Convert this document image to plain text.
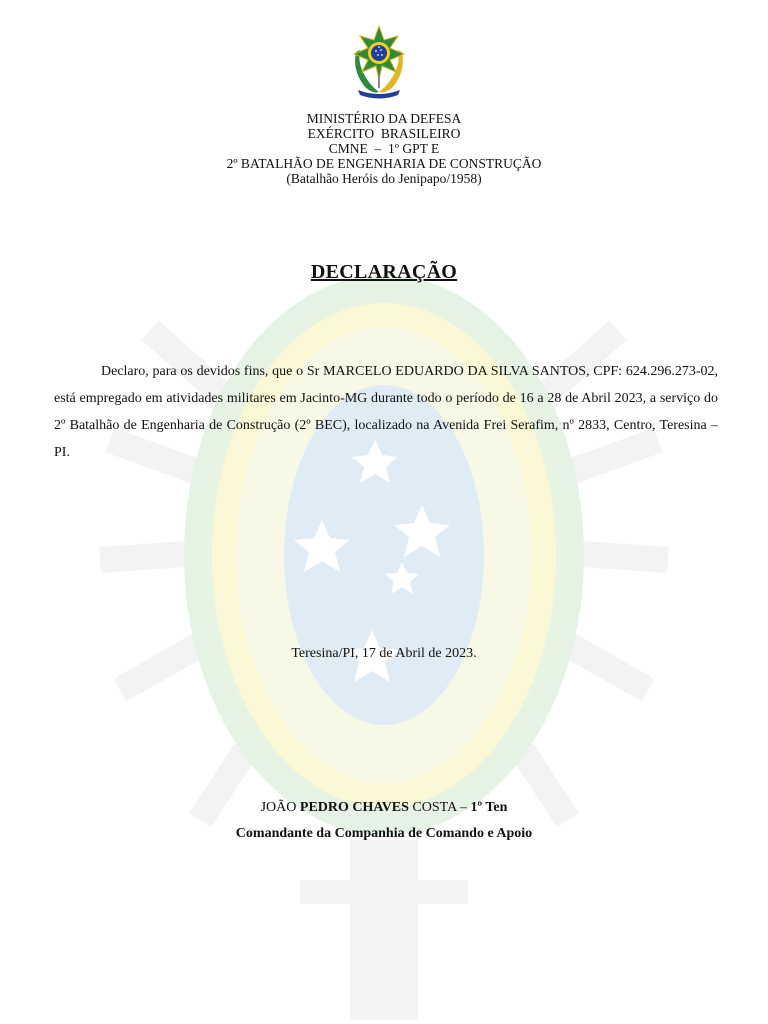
MINISTÉRIO DA DEFESA
EXÉRCITO  BRASILEIRO
CMNE  –  1º GPT E
2º BATALHÃO DE ENGENHARIA DE CONSTRUÇÃO
(Batalhão Heróis do Jenipapo/1958)
DECLARAÇÃO
Declaro, para os devidos fins, que o Sr MARCELO EDUARDO DA SILVA SANTOS, CPF: 624.296.273-02, está empregado em atividades militares em Jacinto-MG durante todo o período de 16 a 28 de Abril 2023, a serviço do 2º Batalhão de Engenharia de Construção (2º BEC), localizado na Avenida Frei Serafim, nº 2833, Centro, Teresina – PI.
Teresina/PI, 17 de Abril de 2023.
JOÃO PEDRO CHAVES COSTA – 1º Ten
Comandante da Companhia de Comando e Apoio
